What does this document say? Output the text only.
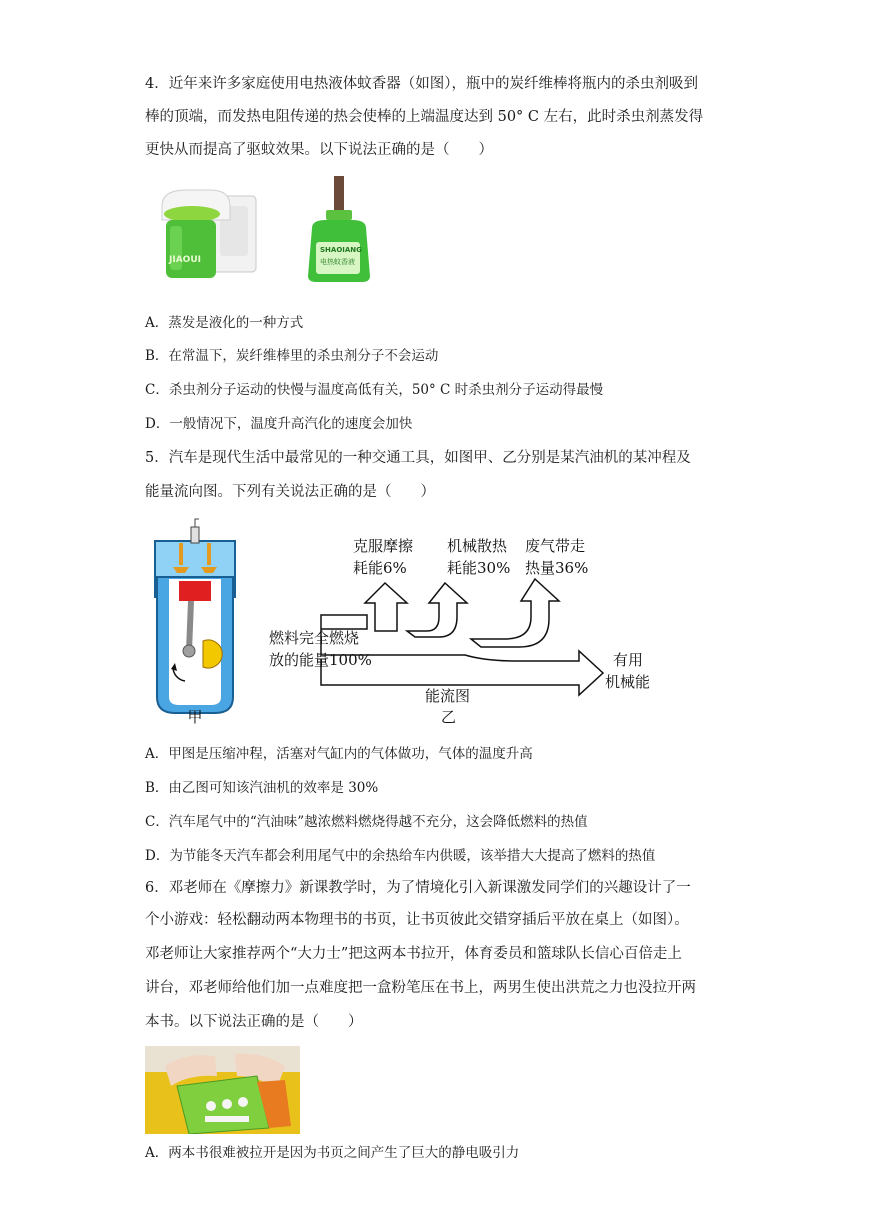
4．近年来许多家庭使用电热液体蚊香器（如图），瓶中的炭纤维棒将瓶内的杀虫剂吸到
棒的顶端，而发热电阻传递的热会使棒的上端温度达到 50° C 左右，此时杀虫剂蒸发得
更快从而提高了驱蚊效果。以下说法正确的是（　　）
JIAOUI
SHAOIANG
电热蚊香液
A．蒸发是液化的一种方式
B．在常温下，炭纤维棒里的杀虫剂分子不会运动
C．杀虫剂分子运动的快慢与温度高低有关，50° C 时杀虫剂分子运动得最慢
D．一般情况下，温度升高汽化的速度会加快
5．汽车是现代生活中最常见的一种交通工具，如图甲、乙分别是某汽油机的某冲程及
能量流向图。下列有关说法正确的是（　　）
甲
克服摩擦
耗能6%
机械散热
耗能30%
废气带走
热量36%
燃料完全燃烧
放的能量100%	有用
机械能
能流图
乙
A．甲图是压缩冲程，活塞对气缸内的气体做功，气体的温度升高
B．由乙图可知该汽油机的效率是 30%
C．汽车尾气中的“汽油味”越浓燃料燃烧得越不充分，这会降低燃料的热值
D．为节能冬天汽车都会利用尾气中的余热给车内供暖，该举措大大提高了燃料的热值
6．邓老师在《摩擦力》新课教学时，为了情境化引入新课激发同学们的兴趣设计了一
个小游戏：轻松翻动两本物理书的书页，让书页彼此交错穿插后平放在桌上（如图）。
邓老师让大家推荐两个“大力士”把这两本书拉开，体育委员和篮球队长信心百倍走上
讲台，邓老师给他们加一点难度把一盒粉笔压在书上，两男生使出洪荒之力也没拉开两
本书。以下说法正确的是（　　）
A．两本书很难被拉开是因为书页之间产生了巨大的静电吸引力
